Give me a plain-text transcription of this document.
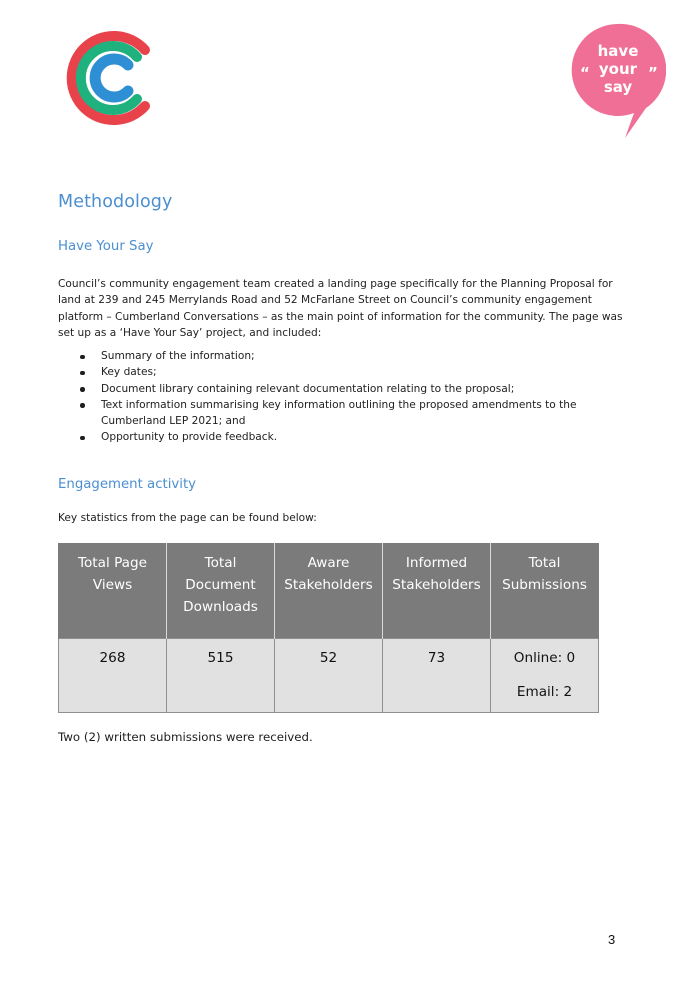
have
your
say
“	”
Methodology
Have Your Say

Council’s community engagement team created a landing page specifically for the Planning Proposal for land at 239 and 245 Merrylands Road and 52 McFarlane Street on Council’s community engagement platform – Cumberland Conversations – as the main point of information for the community. The page was set up as a ‘Have Your Say’ project, and included:

Summary of the information;
Key dates;
Document library containing relevant documentation relating to the proposal;
Text information summarising key information outlining the proposed amendments to the Cumberland LEP 2021; and
Opportunity to provide feedback.
Engagement activity

Key statistics from the page can be found below:

Total Page Views	Total Document Downloads	Aware Stakeholders	Informed Stakeholders	Total Submissions
268	515	52	73	Online: 0
Email: 2

Two (2) written submissions were received.

3
